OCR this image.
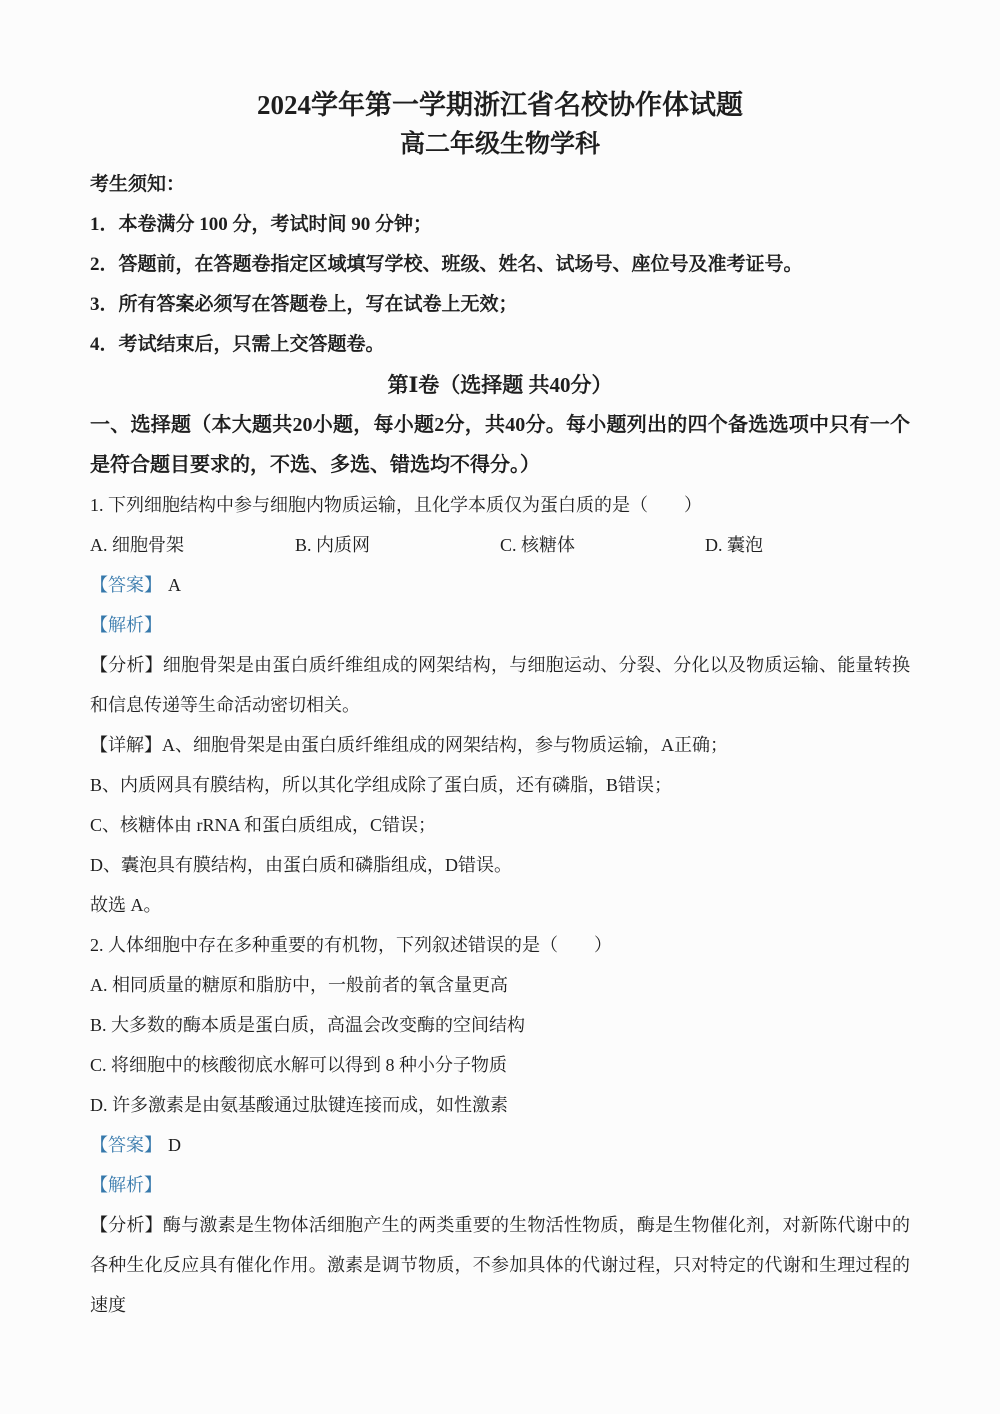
2024学年第一学期浙江省名校协作体试题
高二年级生物学科
考生须知：
1．本卷满分 100 分，考试时间 90 分钟；
2．答题前，在答题卷指定区域填写学校、班级、姓名、试场号、座位号及准考证号。
3．所有答案必须写在答题卷上，写在试卷上无效；
4．考试结束后，只需上交答题卷。
第Ⅰ卷（选择题 共40分）
一、选择题（本大题共20小题，每小题2分，共40分。每小题列出的四个备选选项中只有一个是符合题目要求的，不选、多选、错选均不得分。）
1. 下列细胞结构中参与细胞内物质运输，且化学本质仅为蛋白质的是（　　）
A. 细胞骨架	B. 内质网	C. 核糖体	D. 囊泡
【答案】 A
【解析】
【分析】细胞骨架是由蛋白质纤维组成的网架结构，与细胞运动、分裂、分化以及物质运输、能量转换和信息传递等生命活动密切相关。
【详解】A、细胞骨架是由蛋白质纤维组成的网架结构，参与物质运输，A正确；
B、内质网具有膜结构，所以其化学组成除了蛋白质，还有磷脂，B错误；
C、核糖体由 rRNA 和蛋白质组成，C错误；
D、囊泡具有膜结构，由蛋白质和磷脂组成，D错误。
故选 A。
2. 人体细胞中存在多种重要的有机物，下列叙述错误的是（　　）
A. 相同质量的糖原和脂肪中，一般前者的氧含量更高
B. 大多数的酶本质是蛋白质，高温会改变酶的空间结构
C. 将细胞中的核酸彻底水解可以得到 8 种小分子物质
D. 许多激素是由氨基酸通过肽键连接而成，如性激素
【答案】 D
【解析】
【分析】酶与激素是生物体活细胞产生的两类重要的生物活性物质，酶是生物催化剂，对新陈代谢中的各种生化反应具有催化作用。激素是调节物质，不参加具体的代谢过程，只对特定的代谢和生理过程的速度
